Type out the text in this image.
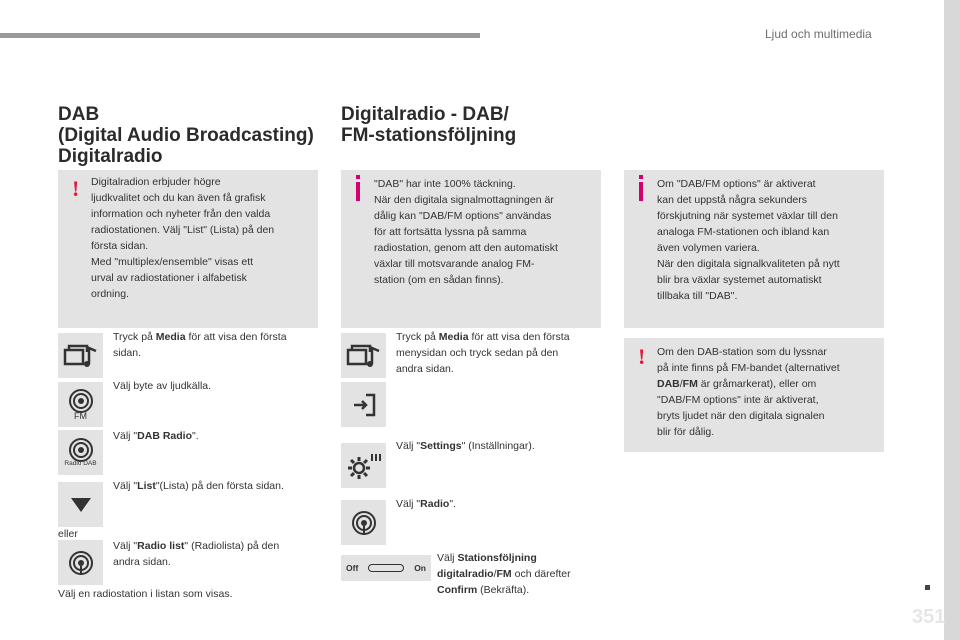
Ljud och multimedia
DAB
(Digital Audio Broadcasting)
Digitalradio
! Digitalradion erbjuder högre
ljudkvalitet och du kan även få grafisk
information och nyheter från den valda
radiostationen. Välj "List" (Lista) på den
första sidan.
Med "multiplex/ensemble" visas ett
urval av radiostationer i alfabetisk
ordning.
Tryck på Media för att visa den första
sidan.
FM
Välj byte av ljudkälla.
Radio DAB
Välj "DAB Radio".
Välj "List"(Lista) på den första sidan.
eller
Välj "Radio list" (Radiolista) på den
andra sidan.
Välj en radiostation i listan som visas.
Digitalradio - DAB/
FM-stationsföljning
"DAB" har inte 100% täckning.
När den digitala signalmottagningen är
dålig kan "DAB/FM options" användas
för att fortsätta lyssna på samma
radiostation, genom att den automatiskt
växlar till motsvarande analog FM-
station (om en sådan finns).
Tryck på Media för att visa den första
menysidan och tryck sedan på den
andra sidan.
Välj "Settings" (Inställningar).
Välj "Radio".
Off	On
Välj Stationsföljning
digitalradio/FM och därefter
Confirm (Bekräfta).
Om "DAB/FM options" är aktiverat
kan det uppstå några sekunders
förskjutning när systemet växlar till den
analoga FM-stationen och ibland kan
även volymen variera.
När den digitala signalkvaliteten på nytt
blir bra växlar systemet automatiskt
tillbaka till "DAB".
! Om den DAB-station som du lyssnar
på inte finns på FM-bandet (alternativet
DAB/FM är gråmarkerat), eller om
"DAB/FM options" inte är aktiverat,
bryts ljudet när den digitala signalen
blir för dålig.
351
